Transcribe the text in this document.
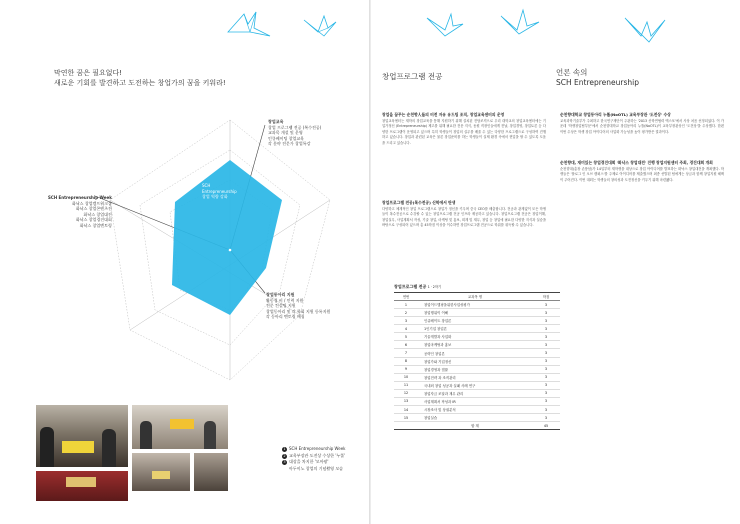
막연한 꿈은 필요없다!
새로운 기회를 발견하고 도전하는 창업가의 꿈을 키워라!
SCH
Entrepreneurship
창업 역량 강화
창업교육
창업 프로그램 전공 (복수전공)
교과목 개설 및 운영
인큐베이팅 창업교육
각 분야 전문가 창업특강
SCH Entrepreneurship Week
화낙스 창업캠프워크샵
화낙스 창업콘텐츠전
화낙스 창업대전
화낙스 창업경진대회
화낙스 창업멘토링
창업동아리 지원
활동경 비 / 인력 지원
전문 컨설팅 지원
창업동아리 및 각 학회 지원 등록지원
각 동아리 멘토링 매칭
1 SCH Entrepreneurship Week
2 교육부장관 도전상 수상한 '누똘'
3 대상을 차지한 '모아팡'
아두이노 창업의 기념촬영 모습
창업프로그램 전공	언론 속의
SCH Entrepreneurship
창업을 꿈꾸는 순천향人들의 터전 자유 유드팀 조직, 창업교육센터의 운영
창업교육센터는 재학의 창업교육을 통해 지원하기 위해 설치된 전담조직으로 우리 대학교의 창업교육센터에는 기업가정신 (Entrepreneurship) 제고를 위해 필요한 전문 지식, 동원 직장인들에게 전날, 창업경영, 창업토론 등 다양한 프로그램이 운영되고 있으며 특히 학생들이 창업의 실무를 배울 수 있는 다양한 프로그램으로 구성하여 진행하고 있습니다. 창업과 관련된 교육은 물론 창업준비를 하는 학생들이 실제 환경 속에서 현업을 할 수 있도록 도움을 드리고 있습니다.
창업프로그램 전공(복수전공) 신학에서 탄생
다양하고 체계적인 창업 프로그램으로 창업가 정신을 키우며 중국 CEO를 배출합니다. 전공과 관계없이 모든 학생들이 복수전공으로 수강할 수 있는 창업프로그램 전공 인프라 제공하고 있습니다. 창업프로그램 전공은 창업이해, 창업실무, 사업계획서 작성, 기술 창업, 마케팅 및 홍보, 회계 및 재무, 창업 등 창업에 필요한 다양한 지식과 실습을 바탕으로 구성되어 있으며 총 45학점 이상을 이수하면 창업프로그램 전공으로 학위를 취득할 수 있습니다.
창업프로그램 전공 1 · 2학기
연번	교과목 명	학점
1	창업이드맵핑을위한사업성평가	3
2	창업행위이 이해	3
3	인큐베이트 창업론	3
4	1인기업 창업론	3
5	기술개발과 사업화	3
6	창업마케팅과 홍보	3
7	공략인 창업론	3
8	창업가와 기업정신	3
9	창업경영과 법률	3
10	창업전략 과 조직관리	3
11	국내외 창업 성공과 실패 사례 연구	3
12	창업자금 조달과 재무 관리	3
13	사업계획서 작성과 IR	3
14	시장조사 및 상권분석	3
15	창업실습	3
	합 계	45
순천향대학교 창업동아리 누똘(NoOTL) 교육부장관 '도전상' 수상
교육과학기술부가 주최하고 한국연구재단이 주관하는 '2013 산학연협력 엑스포'에서 사상 처음 선정되었다. 이 가운데 '학생창업팀부문'에서 순천향대학교 창업동아리 누똘(NoOTL)이 교육부장관상인 '도전상'을 수상했다. 한편 이번 수상은 학생 창업 아이디어의 사업화 가능성을 높이 평가받은 결과이다.
순천향대, 재미있는 창업경진대회 '화낙스 창업대전' 진행 창업지원센터 주최, 경진대회 개최
순천향대(총장 손풍삼)가 14일부터 재학생을 대상으로 창업 아이디어를 발표하는 화낙스 창업대전을 개최했다. 학생들은 '플로그 인 오브 캠퍼스'를 주제로 아이디어를 제출했으며 최종 선발된 팀에게는 상금과 함께 창업지원 혜택이 주어진다. 이번 대회는 학생들의 창의성과 도전정신을 키우기 위해 마련됐다.
